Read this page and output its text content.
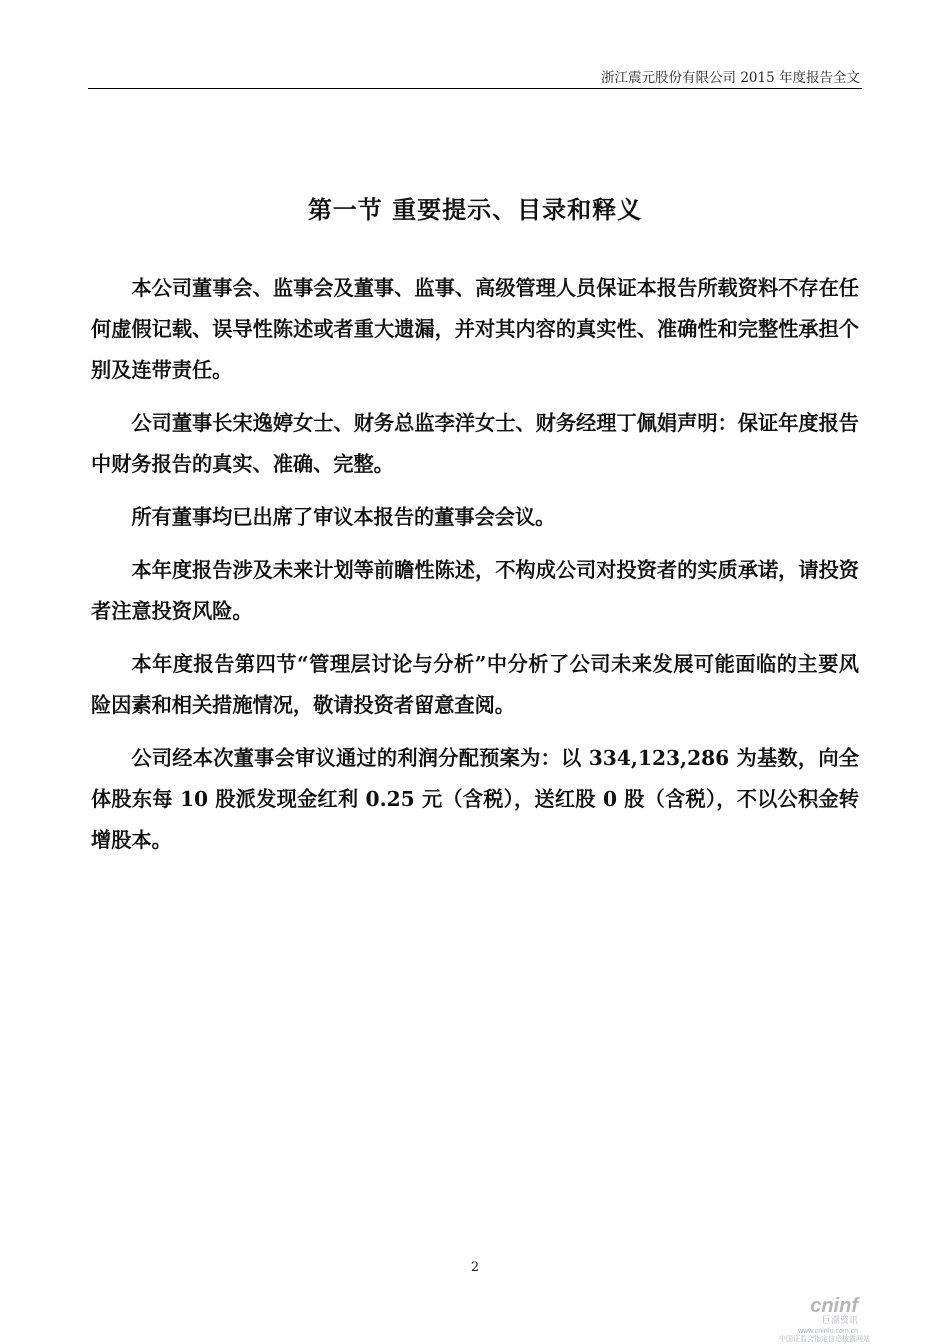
浙江震元股份有限公司 2015 年度报告全文
第一节 重要提示、目录和释义

本公司董事会、监事会及董事、监事、高级管理人员保证本报告所载资料不存在任何虚假记载、误导性陈述或者重大遗漏，并对其内容的真实性、准确性和完整性承担个别及连带责任。

公司董事长宋逸婷女士、财务总监李洋女士、财务经理丁佩娟声明：保证年度报告中财务报告的真实、准确、完整。

所有董事均已出席了审议本报告的董事会会议。

本年度报告涉及未来计划等前瞻性陈述，不构成公司对投资者的实质承诺，请投资者注意投资风险。

本年度报告第四节“管理层讨论与分析”中分析了公司未来发展可能面临的主要风险因素和相关措施情况，敬请投资者留意查阅。

公司经本次董事会审议通过的利润分配预案为：以 334,123,286 为基数，向全体股东每 10 股派发现金红利 0.25 元（含税），送红股 0 股（含税），不以公积金转增股本。

2
cninf
巨潮资讯
www.cninfo.com.cn
中国证监会指定信息披露网站
